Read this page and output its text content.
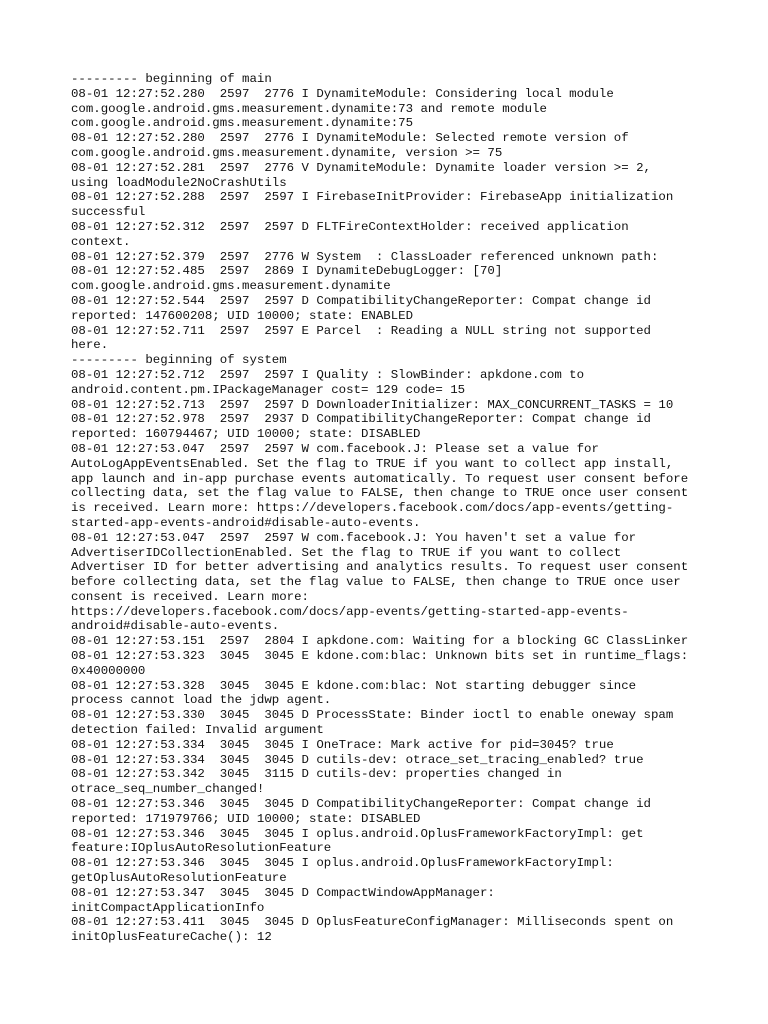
--------- beginning of main
08-01 12:27:52.280  2597  2776 I DynamiteModule: Considering local module
com.google.android.gms.measurement.dynamite:73 and remote module
com.google.android.gms.measurement.dynamite:75
08-01 12:27:52.280  2597  2776 I DynamiteModule: Selected remote version of
com.google.android.gms.measurement.dynamite, version >= 75
08-01 12:27:52.281  2597  2776 V DynamiteModule: Dynamite loader version >= 2,
using loadModule2NoCrashUtils
08-01 12:27:52.288  2597  2597 I FirebaseInitProvider: FirebaseApp initialization
successful
08-01 12:27:52.312  2597  2597 D FLTFireContextHolder: received application
context.
08-01 12:27:52.379  2597  2776 W System  : ClassLoader referenced unknown path:
08-01 12:27:52.485  2597  2869 I DynamiteDebugLogger: [70]
com.google.android.gms.measurement.dynamite
08-01 12:27:52.544  2597  2597 D CompatibilityChangeReporter: Compat change id
reported: 147600208; UID 10000; state: ENABLED
08-01 12:27:52.711  2597  2597 E Parcel  : Reading a NULL string not supported
here.
--------- beginning of system
08-01 12:27:52.712  2597  2597 I Quality : SlowBinder: apkdone.com to
android.content.pm.IPackageManager cost= 129 code= 15
08-01 12:27:52.713  2597  2597 D DownloaderInitializer: MAX_CONCURRENT_TASKS = 10
08-01 12:27:52.978  2597  2937 D CompatibilityChangeReporter: Compat change id
reported: 160794467; UID 10000; state: DISABLED
08-01 12:27:53.047  2597  2597 W com.facebook.J: Please set a value for
AutoLogAppEventsEnabled. Set the flag to TRUE if you want to collect app install,
app launch and in-app purchase events automatically. To request user consent before
collecting data, set the flag value to FALSE, then change to TRUE once user consent
is received. Learn more: https://developers.facebook.com/docs/app-events/getting-
started-app-events-android#disable-auto-events.
08-01 12:27:53.047  2597  2597 W com.facebook.J: You haven't set a value for
AdvertiserIDCollectionEnabled. Set the flag to TRUE if you want to collect
Advertiser ID for better advertising and analytics results. To request user consent
before collecting data, set the flag value to FALSE, then change to TRUE once user
consent is received. Learn more:
https://developers.facebook.com/docs/app-events/getting-started-app-events-
android#disable-auto-events.
08-01 12:27:53.151  2597  2804 I apkdone.com: Waiting for a blocking GC ClassLinker
08-01 12:27:53.323  3045  3045 E kdone.com:blac: Unknown bits set in runtime_flags:
0x40000000
08-01 12:27:53.328  3045  3045 E kdone.com:blac: Not starting debugger since
process cannot load the jdwp agent.
08-01 12:27:53.330  3045  3045 D ProcessState: Binder ioctl to enable oneway spam
detection failed: Invalid argument
08-01 12:27:53.334  3045  3045 I OneTrace: Mark active for pid=3045? true
08-01 12:27:53.334  3045  3045 D cutils-dev: otrace_set_tracing_enabled? true
08-01 12:27:53.342  3045  3115 D cutils-dev: properties changed in
otrace_seq_number_changed!
08-01 12:27:53.346  3045  3045 D CompatibilityChangeReporter: Compat change id
reported: 171979766; UID 10000; state: DISABLED
08-01 12:27:53.346  3045  3045 I oplus.android.OplusFrameworkFactoryImpl: get
feature:IOplusAutoResolutionFeature
08-01 12:27:53.346  3045  3045 I oplus.android.OplusFrameworkFactoryImpl:
getOplusAutoResolutionFeature
08-01 12:27:53.347  3045  3045 D CompactWindowAppManager:
initCompactApplicationInfo
08-01 12:27:53.411  3045  3045 D OplusFeatureConfigManager: Milliseconds spent on
initOplusFeatureCache(): 12
